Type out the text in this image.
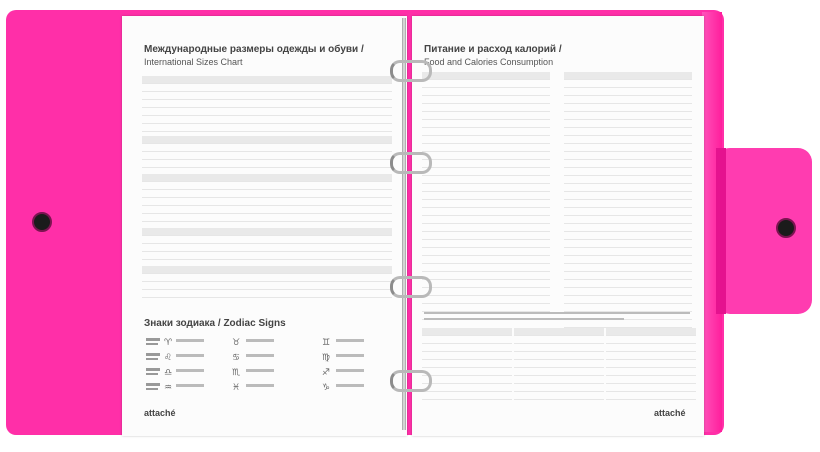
Международные размеры одежды и обуви /
International Sizes Chart
Знаки зодиака / Zodiac Signs
♈
♌
♎
♒
♉
♋
♏
♓
♊
♍
♐
♑
attaché
Питание и расход калорий /
Food and Calories Consumption
attaché
